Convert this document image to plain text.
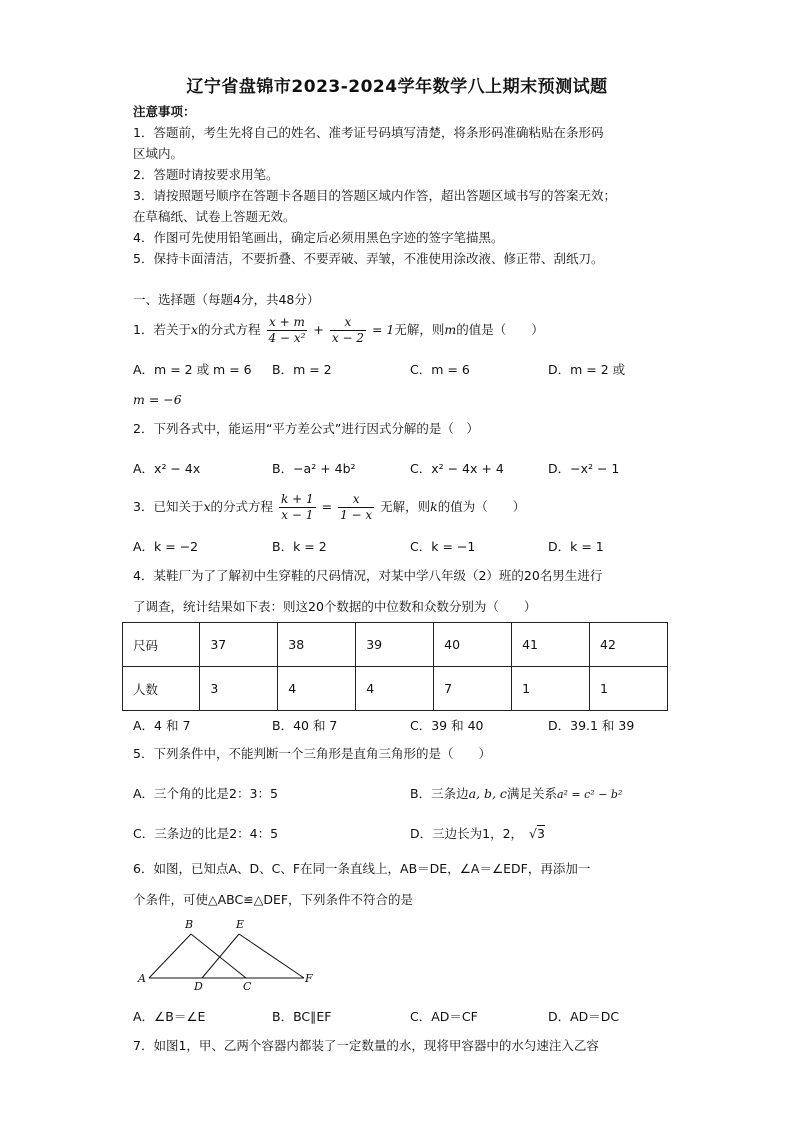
辽宁省盘锦市2023-2024学年数学八上期末预测试题
注意事项：
1．答题前，考生先将自己的姓名、准考证号码填写清楚，将条形码准确粘贴在条形码
区域内。
2．答题时请按要求用笔。
3．请按照题号顺序在答题卡各题目的答题区域内作答，超出答题区域书写的答案无效；
在草稿纸、试卷上答题无效。
4．作图可先使用铅笔画出，确定后必须用黑色字迹的签字笔描黑。
5．保持卡面清洁，不要折叠、不要弄破、弄皱，不准使用涂改液、修正带、刮纸刀。
一、选择题（每题4分，共48分）
1．若关于x的分式方程 $\frac{x + m}{\text{4 − x²}} + \frac{x}{x - 2} = 1$无解，则m的值是（　　）
A．m = 2 或 m = 6 B．m = 2	C．m = 6	D．m = 2 或
m = −6
2．下列各式中，能运用“平方差公式”进行因式分解的是（　）
A．x² − 4x	B．−a² + 4b²	C．x² − 4x + 4	D．−x² − 1
3．已知关于x的分式方程 $\frac{k + 1}{x - 1} = \frac{x}{1 - x}$ 无解，则k的值为（　　）
A．k = −2	B．k = 2	C．k = −1	D．k = 1
4．某鞋厂为了了解初中生穿鞋的尺码情况，对某中学八年级（2）班的20名男生进行
了调查，统计结果如下表：则这20个数据的中位数和众数分别为（　　）
尺码	37	38	39	40	41	42
人数	3	4	4	7	1	1
A．4 和 7	B．40 和 7	C．39 和 40	D．39.1 和 39
5．下列条件中，不能判断一个三角形是直角三角形的是（　　）
A．三个角的比是2：3：5	B．三条边a, b, c满足关系a² = c² − b²
C．三条边的比是2：4：5	D．三边长为1，2， √3
6．如图，已知点A、D、C、F在同一条直线上，AB＝DE，∠A＝∠EDF，再添加一
个条件，可使△ABC≌△DEF，下列条件不符合的是
A
B
C
D
E
F
A．∠B＝∠E	B．BC∥EF	C．AD＝CF	D．AD＝DC
7．如图1，甲、乙两个容器内都装了一定数量的水，现将甲容器中的水匀速注入乙容
